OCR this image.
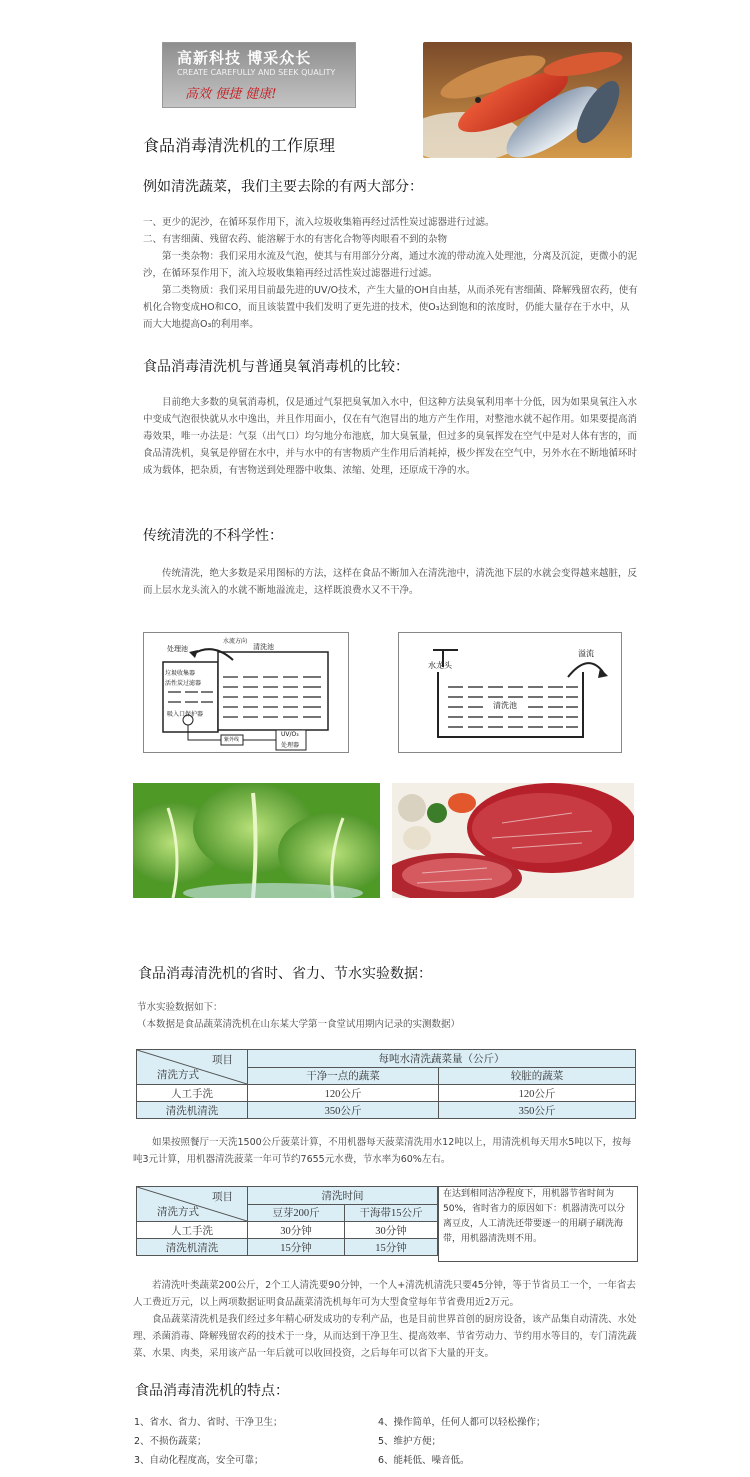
高新科技 博采众长
CREATE CAREFULLY AND SEEK QUALITY
高效 便捷 健康!
食品消毒清洗机的工作原理
例如清洗蔬菜，我们主要去除的有两大部分：
一、更少的泥沙，在循环泵作用下，流入垃圾收集箱再经过活性炭过滤器进行过滤。
二、有害细菌、残留农药、能溶解于水的有害化合物等肉眼看不到的杂物
第一类杂物：我们采用水流及气泡，使其与有用部分分离，通过水流的带动流入处理池，分离及沉淀，更微小的泥沙，在循环泵作用下，流入垃圾收集箱再经过活性炭过滤器进行过滤。
第二类物质：我们采用目前最先进的UV/O技术，产生大量的OH自由基，从而杀死有害细菌、降解残留农药，使有机化合物变成HO和CO，而且该装置中我们发明了更先进的技术，使O₃达到饱和的浓度时，仍能大量存在于水中，从而大大地提高O₃的利用率。
食品消毒清洗机与普通臭氧消毒机的比较：
目前绝大多数的臭氧消毒机，仅是通过气泵把臭氧加入水中，但这种方法臭氧利用率十分低，因为如果臭氧注入水中变成气泡很快就从水中逸出，并且作用面小，仅在有气泡冒出的地方产生作用，对整池水就不起作用。如果要提高消毒效果，唯一办法是：气泵（出气口）均匀地分布池底，加大臭氧量，但过多的臭氧挥发在空气中是对人体有害的，而食品清洗机，臭氧是停留在水中，并与水中的有害物质产生作用后消耗掉，极少挥发在空气中，另外水在不断地循环时成为载体，把杂质，有害物送到处理器中收集、浓缩、处理，还原成干净的水。
传统清洗的不科学性：
传统清洗，绝大多数是采用图标的方法，这样在食品不断加入在清洗池中，清洗池下层的水就会变得越来越脏，反而上层水龙头流入的水就不断地溢流走，这样既浪费水又不干净。
处理池
水流方向
清洗池
垃圾收集器
活性炭过滤器
吸入口保护器
紫外线
UV/O₃
处理器
水龙头
溢流
清洗池
食品消毒清洗机的省时、省力、节水实验数据：
节水实验数据如下：
（本数据是食品蔬菜清洗机在山东某大学第一食堂试用期内记录的实测数据）
项目
清洗方式	每吨水清洗蔬菜量（公斤）	
	干净一点的蔬菜	较脏的蔬菜
人工手洗	120公斤	120公斤
清洗机清洗	350公斤	350公斤
如果按照餐厅一天洗1500公斤菠菜计算，不用机器每天菠菜清洗用水12吨以上，用清洗机每天用水5吨以下，按每吨3元计算，用机器清洗菠菜一年可节约7655元水费，节水率为60%左右。
项目
清洗方式	清洗时间	
	豆芽200斤	干海带15公斤
人工手洗	30分钟	30分钟
清洗机清洗	15分钟	15分钟
在达到相同洁净程度下，用机器节省时间为50%，省时省力的原因如下：机器清洗可以分离豆皮，人工清洗还带要逐一的用刷子刷洗海带，用机器清洗则不用。
若清洗叶类蔬菜200公斤，2个工人清洗要90分钟，一个人+清洗机清洗只要45分钟，等于节省员工一个，一年省去人工费近万元，以上两项数据证明食品蔬菜清洗机每年可为大型食堂每年节省费用近2万元。
食品蔬菜清洗机是我们经过多年精心研发成功的专利产品，也是目前世界首创的厨房设备，该产品集自动清洗、水处理、杀菌消毒、降解残留农药的技术于一身，从而达到干净卫生、提高效率、节省劳动力、节约用水等目的，专门清洗蔬菜、水果、肉类，采用该产品一年后就可以收回投资，之后每年可以省下大量的开支。
食品消毒清洗机的特点：
1、省水、省力、省时、干净卫生；
2、不损伤蔬菜；
3、自动化程度高，安全可靠；
4、操作简单，任何人都可以轻松操作；
5、维护方便；
6、能耗低、噪音低。
